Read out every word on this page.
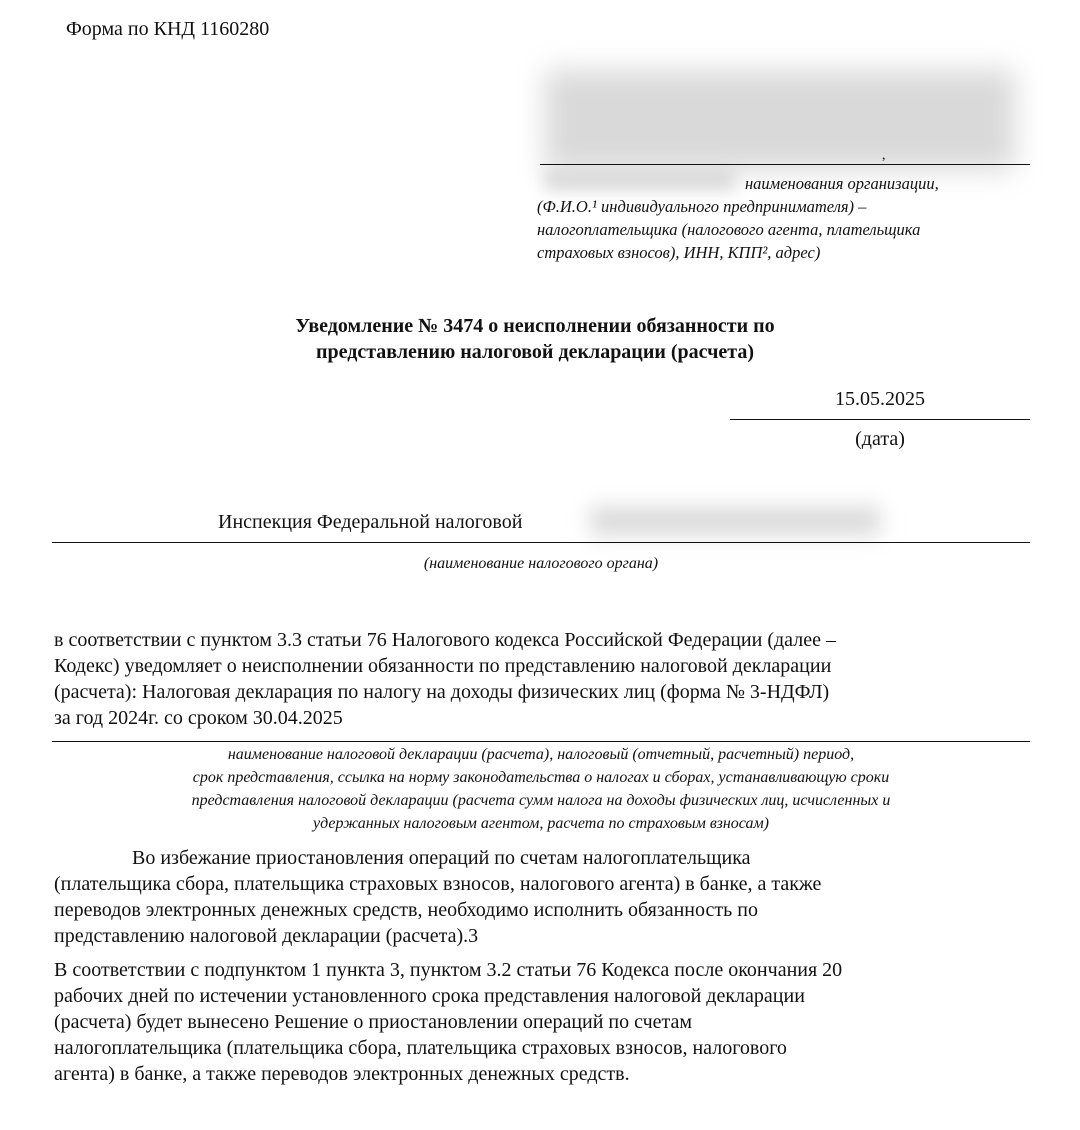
Форма по КНД 1160280
,
наименования организации,
(Ф.И.О.¹ индивидуального предпринимателя) –
налогоплательщика (налогового агента, плательщика
страховых взносов), ИНН, КПП², адрес)
Уведомление № 3474 о неисполнении обязанности по
представлению налоговой декларации (расчета)
15.05.2025
(дата)
Инспекция Федеральной налоговой
(наименование налогового органа)
в соответствии с пунктом 3.3 статьи 76 Налогового кодекса Российской Федерации (далее –
Кодекс) уведомляет о неисполнении обязанности по представлению налоговой декларации
(расчета): Налоговая декларация по налогу на доходы физических лиц (форма № 3-НДФЛ)
за год 2024г. со сроком 30.04.2025
наименование налоговой декларации (расчета), налоговый (отчетный, расчетный) период,
срок представления, ссылка на норму законодательства о налогах и сборах, устанавливающую сроки
представления налоговой декларации (расчета сумм налога на доходы физических лиц, исчисленных и
удержанных налоговым агентом, расчета по страховым взносам)
Во избежание приостановления операций по счетам налогоплательщика
(плательщика сбора, плательщика страховых взносов, налогового агента) в банке, а также
переводов электронных денежных средств, необходимо исполнить обязанность по
представлению налоговой декларации (расчета).3
В соответствии с подпунктом 1 пункта 3, пунктом 3.2 статьи 76 Кодекса после окончания 20
рабочих дней по истечении установленного срока представления налоговой декларации
(расчета) будет вынесено Решение о приостановлении операций по счетам
налогоплательщика (плательщика сбора, плательщика страховых взносов, налогового
агента) в банке, а также переводов электронных денежных средств.
